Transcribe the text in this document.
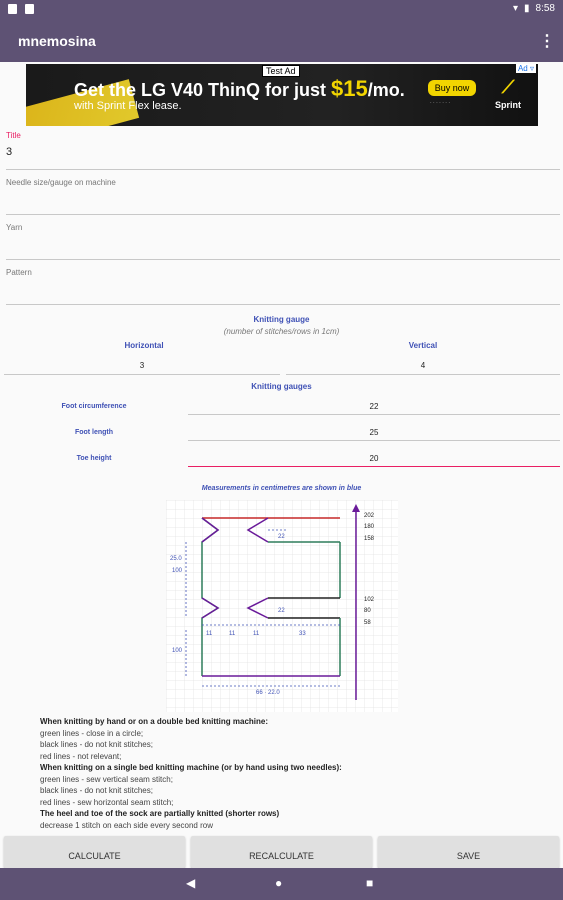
▾ ▮ 8:58
mnemosina	⋮
Test Ad
Get the LG V40 ThinQ for just $15/mo.
with Sprint Flex lease.
Buy now
· · · · · · ·
⟋
Sprint
Ad ▿
Title
3
Needle size/gauge on machine
Yarn
Pattern
Knitting gauge
(number of stitches/rows in 1cm)
Horizontal	Vertical
3	4
Knitting gauges
Foot circumference	22
Foot length	25
Toe height	20
Measurements in centimetres are shown in blue
202
180
158
102
80
58
25.0
100
100
11	11	11	33
22
22
66 · 22.0
When knitting by hand or on a double bed knitting machine:
green lines - close in a circle;
black lines - do not knit stitches;
red lines - not relevant;
When knitting on a single bed knitting machine (or by hand using two needles):
green lines - sew vertical seam stitch;
black lines - do not knit stitches;
red lines - sew horizontal seam stitch;
The heel and toe of the sock are partially knitted (shorter rows)
decrease 1 stitch on each side every second row
CALCULATE	RECALCULATE	SAVE
◀	●	■
